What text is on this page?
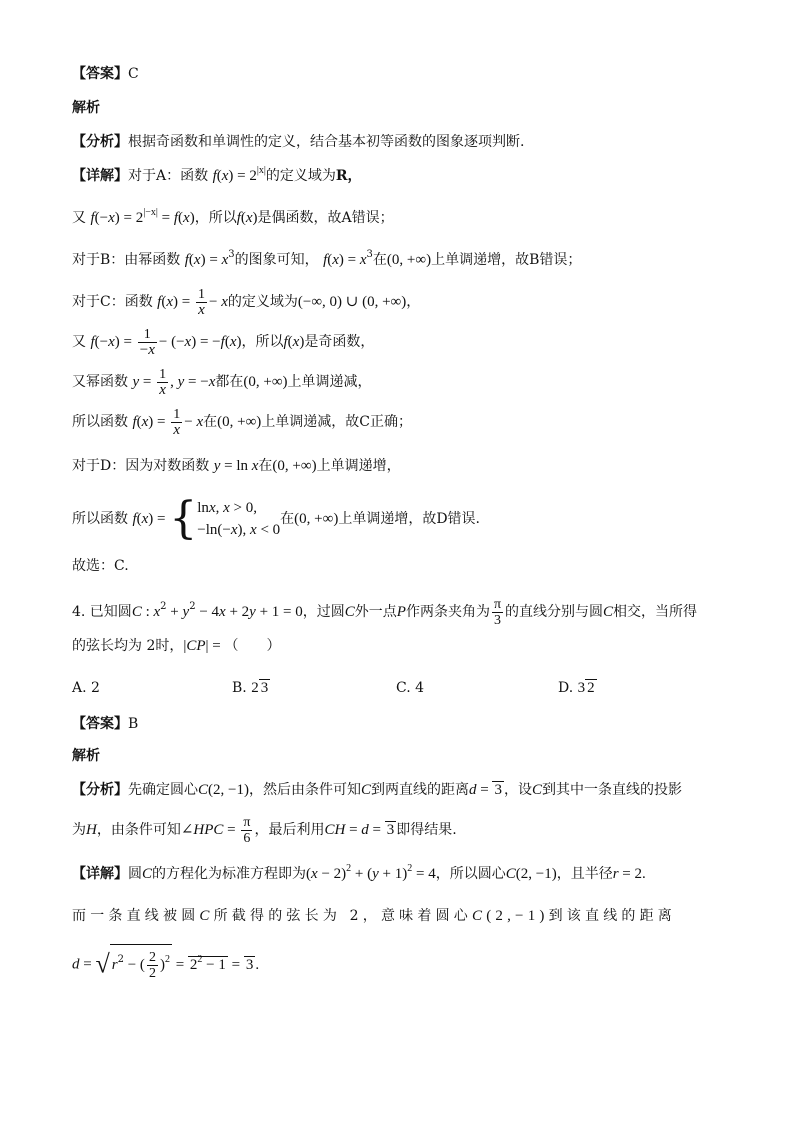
【答案】C
解析
【分析】根据奇函数和单调性的定义，结合基本初等函数的图象逐项判断.
【详解】对于A：函数 $f(x) = 2^{|x|}$的定义域为R，
又 $f(-x) = 2^{|-x|} = f(x)$，所以f(x)是偶函数，故A错误；
对于B：由幂函数 $f(x) = x^3$的图象可知， $f(x) = x^3$在(0, +∞)上单调递增，故B错误；
对于C：函数 $f(x) = \frac{1}{x} - x$的定义域为(−∞, 0) ∪ (0, +∞)，
又 $f(-x) = \frac{1}{-x} - (-x) = -f(x)$，所以f(x)是奇函数，
又幂函数 $y = \frac{1}{x}$ , y = −x都在(0, +∞)上单调递减，
所以函数 $f(x) = \frac{1}{x} - x$在(0, +∞)上单调递减，故C正确；
对于D：因为对数函数 y = ln x在(0, +∞)上单调递增，
所以函数 f(x) = { lnx, x > 0,
−ln(−x), x < 0
在(0, +∞)上单调递增，故D错误.
故选：C.
4. 已知圆C : $x^2 + y^2 - 4x + 2y + 1 = 0$，过圆C外一点P作两条夹角为 $\frac{\pi}{3}$ 的直线分别与圆C相交，当所得
的弦长均为 2时，|CP| = （　　）
A. 2	B. 2 3	C. 4	D. 3 2
【答案】B
解析
【分析】先确定圆心C(2, −1)，然后由条件可知C到两直线的距离d = 3 ，设C到其中一条直线的投影
为H，由条件可知∠HPC = $\frac{\pi}{6}$ ，最后利用CH = d = 3 即得结果.
【详解】圆C的方程化为标准方程即为$(x - 2)^2 + (y + 1)^2 = 4$，所以圆心C(2, −1)，且半径r = 2.
而一条直线被圆C所截得的弦长为 2，意味着圆心C(2,−1)到该直线的距离
d = √ $r^2$ − ( $\frac{2}{2} )^2 = 2^2 - 1 = 3$ .
